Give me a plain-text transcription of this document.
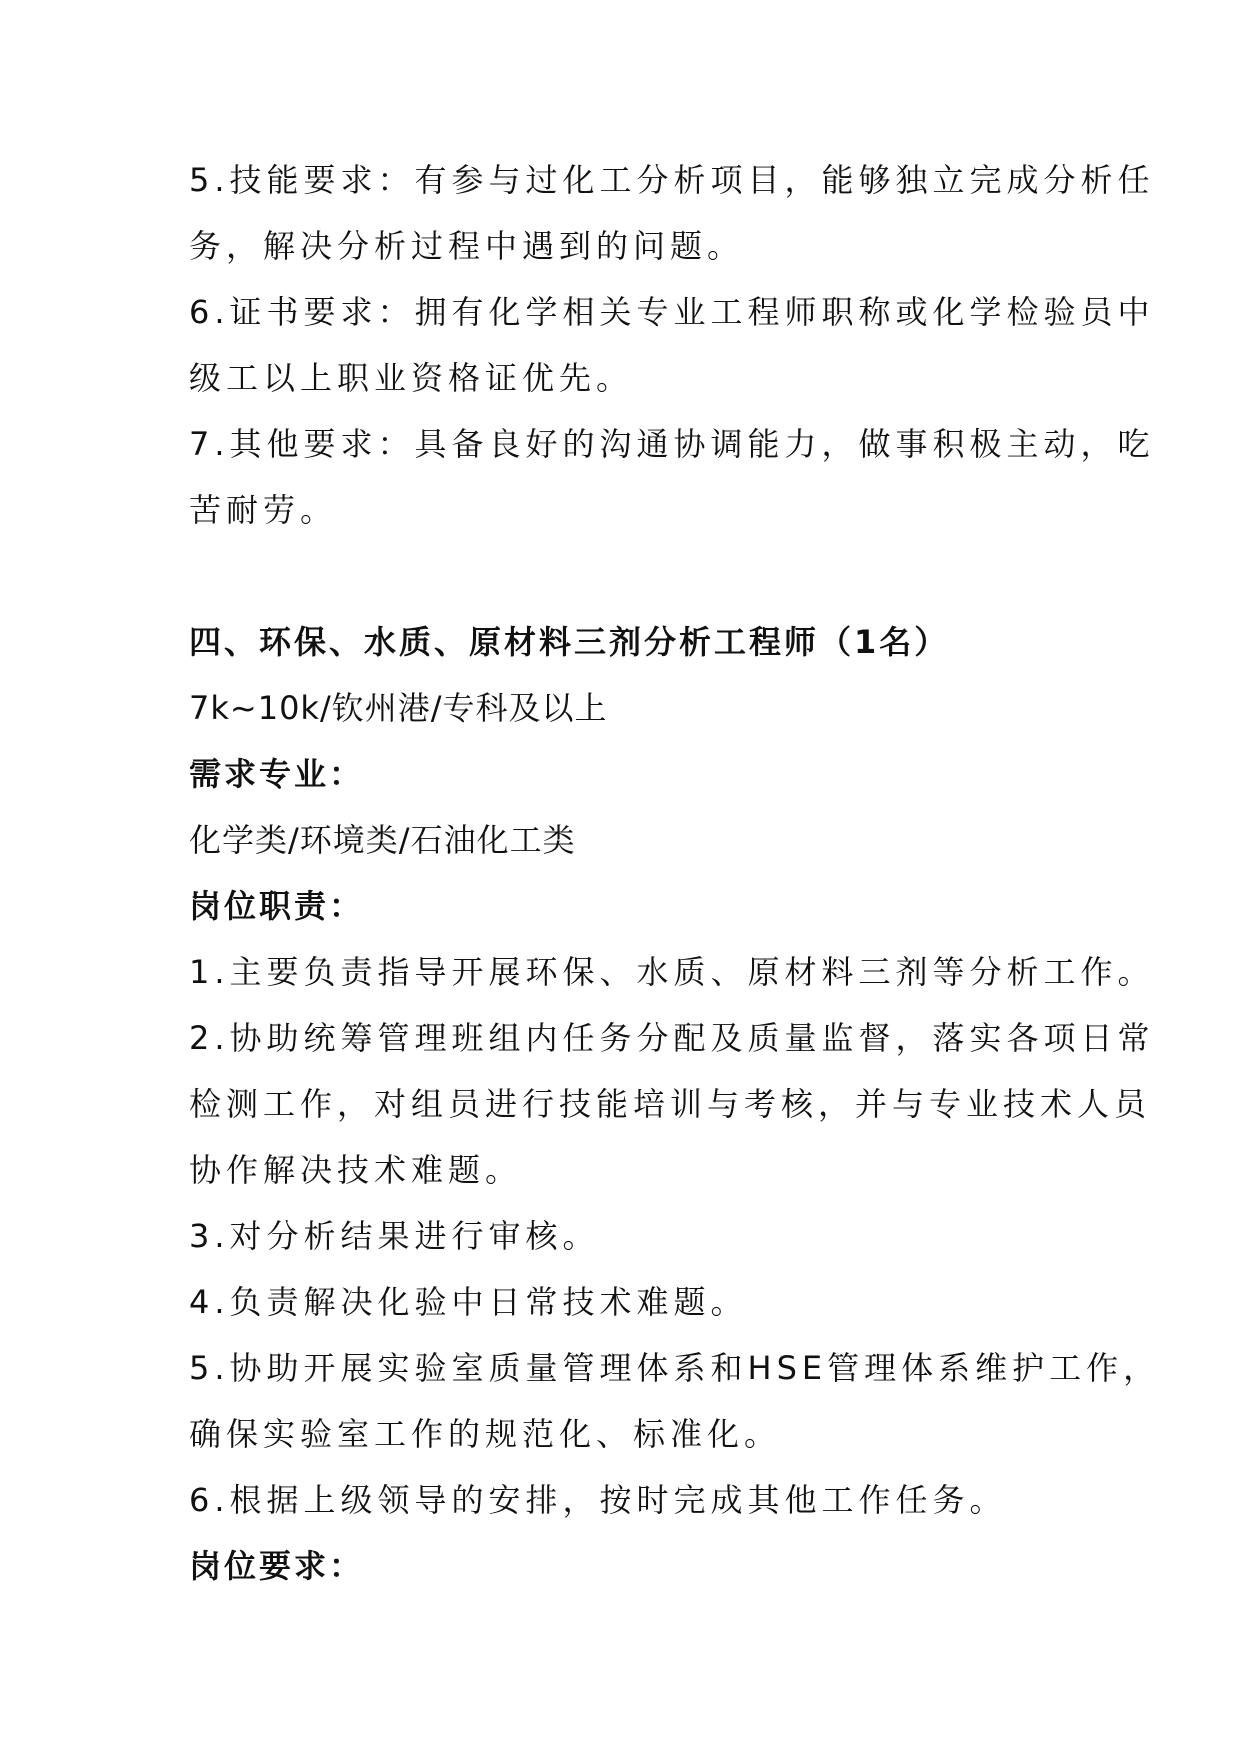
5.技能要求：有参与过化工分析项目，能够独立完成分析任
务，解决分析过程中遇到的问题。
6.证书要求：拥有化学相关专业工程师职称或化学检验员中
级工以上职业资格证优先。
7.其他要求：具备良好的沟通协调能力，做事积极主动，吃
苦耐劳。
四、环保、水质、原材料三剂分析工程师（1名）
7k~10k/钦州港/专科及以上
需求专业：
化学类/环境类/石油化工类
岗位职责：
1.主要负责指导开展环保、水质、原材料三剂等分析工作。
2.协助统筹管理班组内任务分配及质量监督，落实各项日常
检测工作，对组员进行技能培训与考核，并与专业技术人员
协作解决技术难题。
3.对分析结果进行审核。
4.负责解决化验中日常技术难题。
5.协助开展实验室质量管理体系和HSE管理体系维护工作，
确保实验室工作的规范化、标准化。
6.根据上级领导的安排，按时完成其他工作任务。
岗位要求：
